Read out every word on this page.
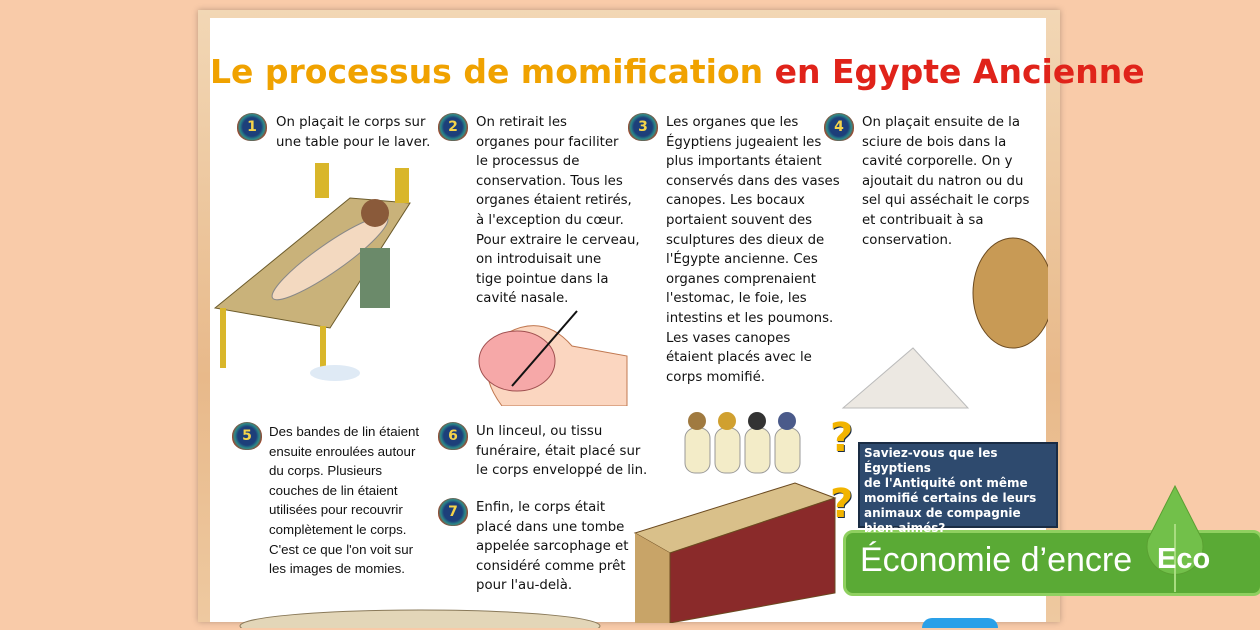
Le processus de momification en Egypte Ancienne
1	On plaçait le corps sur
une table pour le laver.
2	On retirait les
organes pour faciliter
le processus de
conservation. Tous les
organes étaient retirés,
à l'exception du cœur.
Pour extraire le cerveau,
on introduisait une
tige pointue dans la
cavité nasale.
3	Les organes que les
Égyptiens jugeaient les
plus importants étaient
conservés dans des vases
canopes. Les bocaux
portaient souvent des
sculptures des dieux de
l'Égypte ancienne. Ces
organes comprenaient
l'estomac, le foie, les
intestins et les poumons.
Les vases canopes
étaient placés avec le
corps momifié.
4	On plaçait ensuite de la
sciure de bois dans la
cavité corporelle. On y
ajoutait du natron ou du
sel qui asséchait le corps
et contribuait à sa
conservation.
5	Des bandes de lin étaient
ensuite enroulées autour
du corps. Plusieurs
couches de lin étaient
utilisées pour recouvrir
complètement le corps.
C'est ce que l'on voit sur
les images de momies.
6	Un linceul, ou tissu
funéraire, était placé sur
le corps enveloppé de lin.
7	Enfin, le corps était
placé dans une tombe
appelée sarcophage et
considéré comme prêt
pour l'au-delà.
?
?
Saviez-vous que les Égyptiens
de l'Antiquité ont même
momifié certains de leurs
animaux de compagnie
bien-aimés?
Économie d’encre Eco
